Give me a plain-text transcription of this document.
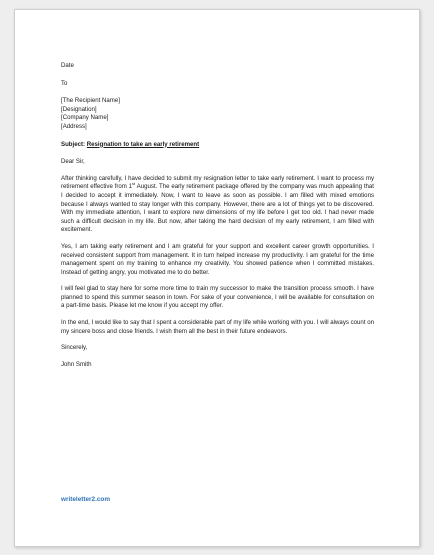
Date

To

[The Recipient Name]

[Designation]

[Company Name]

[Address]

Subject: Resignation to take an early retirement

Dear Sir,

After thinking carefully, I have decided to submit my resignation letter to take early retirement. I want to process my retirement effective from 1st August. The early retirement package offered by the company was much appealing that I decided to accept it immediately. Now, I want to leave as soon as possible. I am filled with mixed emotions because I always wanted to stay longer with this company. However, there are a lot of things yet to be discovered. With my immediate attention, I want to explore new dimensions of my life before I get too old. I had never made such a difficult decision in my life. But now, after taking the hard decision of my early retirement, I am filled with excitement.

Yes, I am taking early retirement and I am grateful for your support and excellent career growth opportunities. I received consistent support from management. It in turn helped increase my productivity. I am grateful for the time management spent on my training to enhance my creativity. You showed patience when I committed mistakes. Instead of getting angry, you motivated me to do better.

I will feel glad to stay here for some more time to train my successor to make the transition process smooth. I have planned to spend this summer season in town. For sake of your convenience, I will be available for consultation on a part-time basis. Please let me know if you accept my offer.

In the end, I would like to say that I spent a considerable part of my life while working with you. I will always count on my sincere boss and close friends. I wish them all the best in their future endeavors.

Sincerely,

John Smith

writeletter2.com
